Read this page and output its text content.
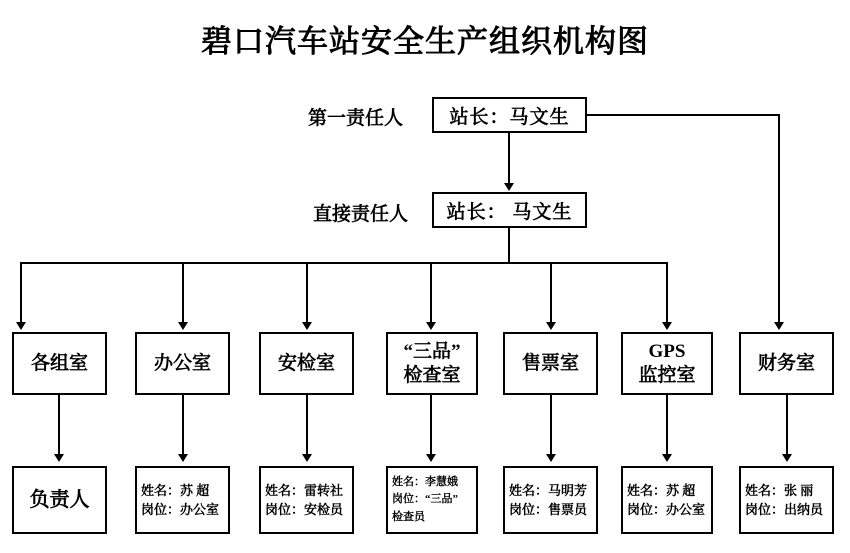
碧口汽车站安全生产组织机构图
第一责任人
直接责任人
站长：马文生
站长： 马文生
各组室	办公室	安检室
“三品”
检查室
售票室
GPS
监控室
财务室
负责人	姓名：苏 超
岗位：办公室
姓名：雷转社
岗位：安检员
姓名：李慧娥
岗位：“三品”
检查员
姓名：马明芳
岗位：售票员
姓名：苏 超
岗位：办公室
姓名：张 丽
岗位：出纳员
